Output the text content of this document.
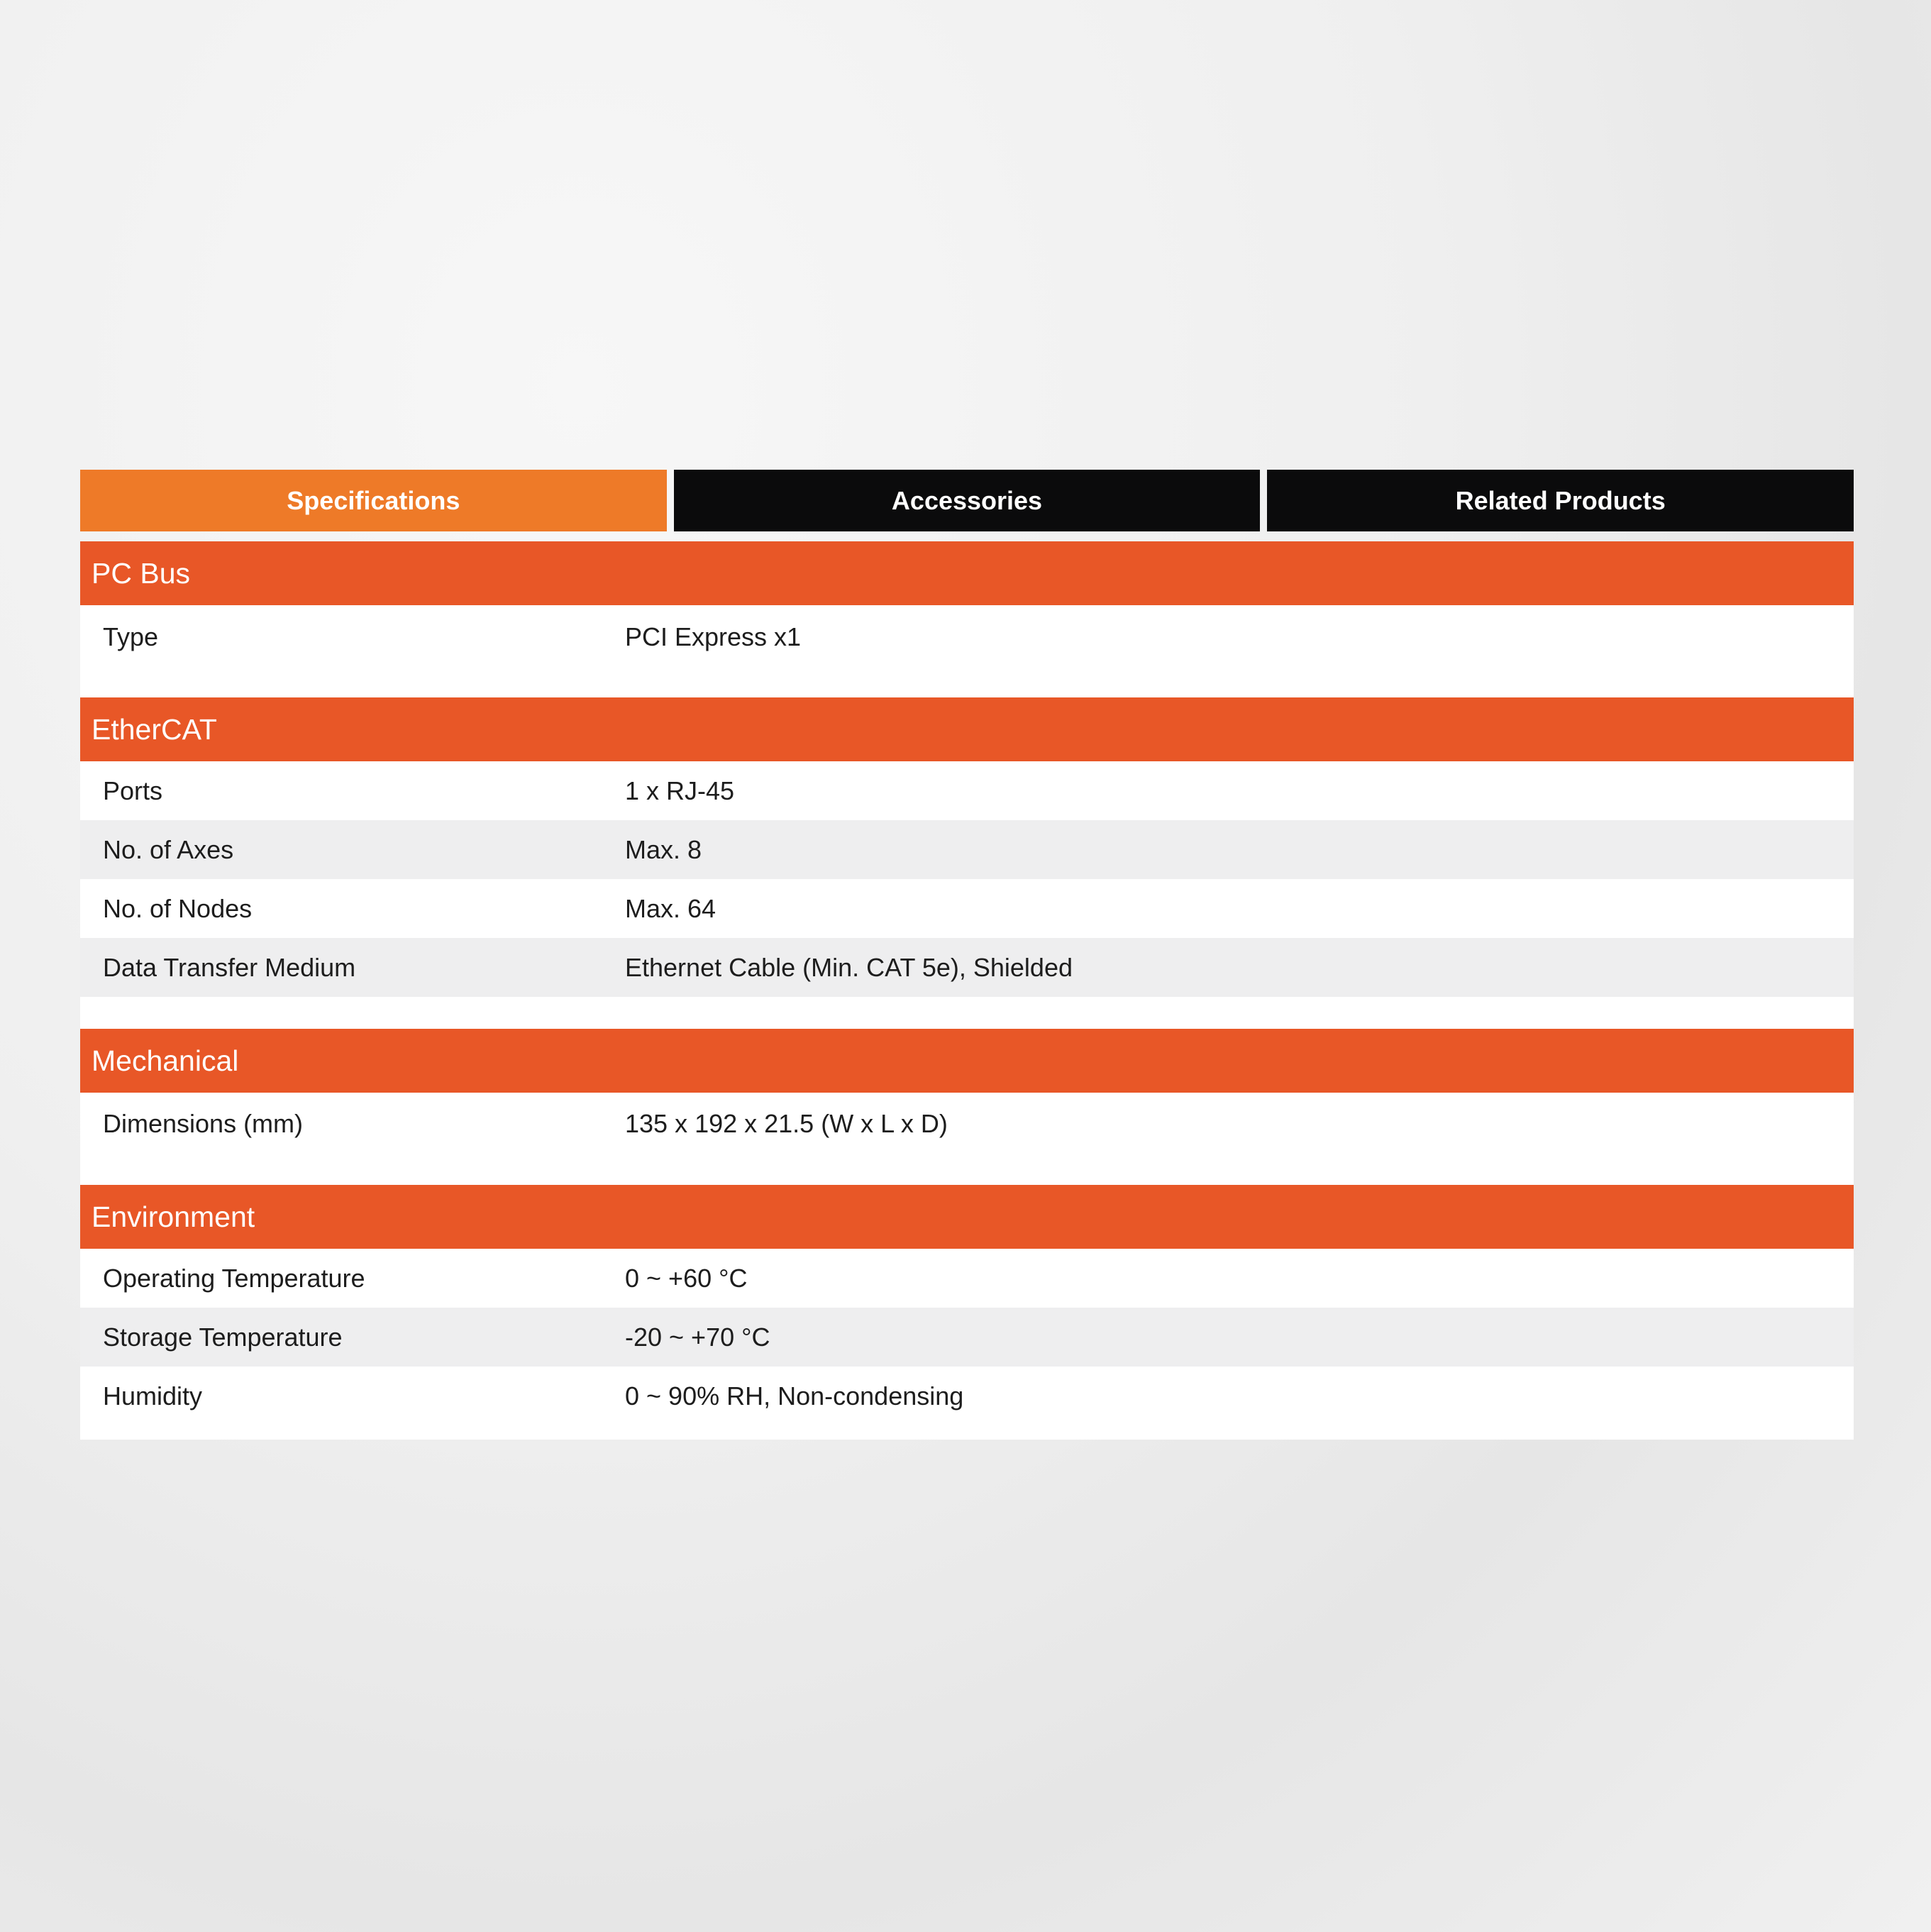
Specifications	Accessories	Related Products
PC Bus
Type	PCI Express x1
EtherCAT
Ports	1 x RJ-45
No. of Axes	Max. 8
No. of Nodes	Max. 64
Data Transfer Medium	Ethernet Cable (Min. CAT 5e), Shielded
Mechanical
Dimensions (mm)	135 x 192 x 21.5 (W x L x D)
Environment
Operating Temperature	0 ~ +60 °C
Storage Temperature	-20 ~ +70 °C
Humidity	0 ~ 90% RH, Non-condensing
